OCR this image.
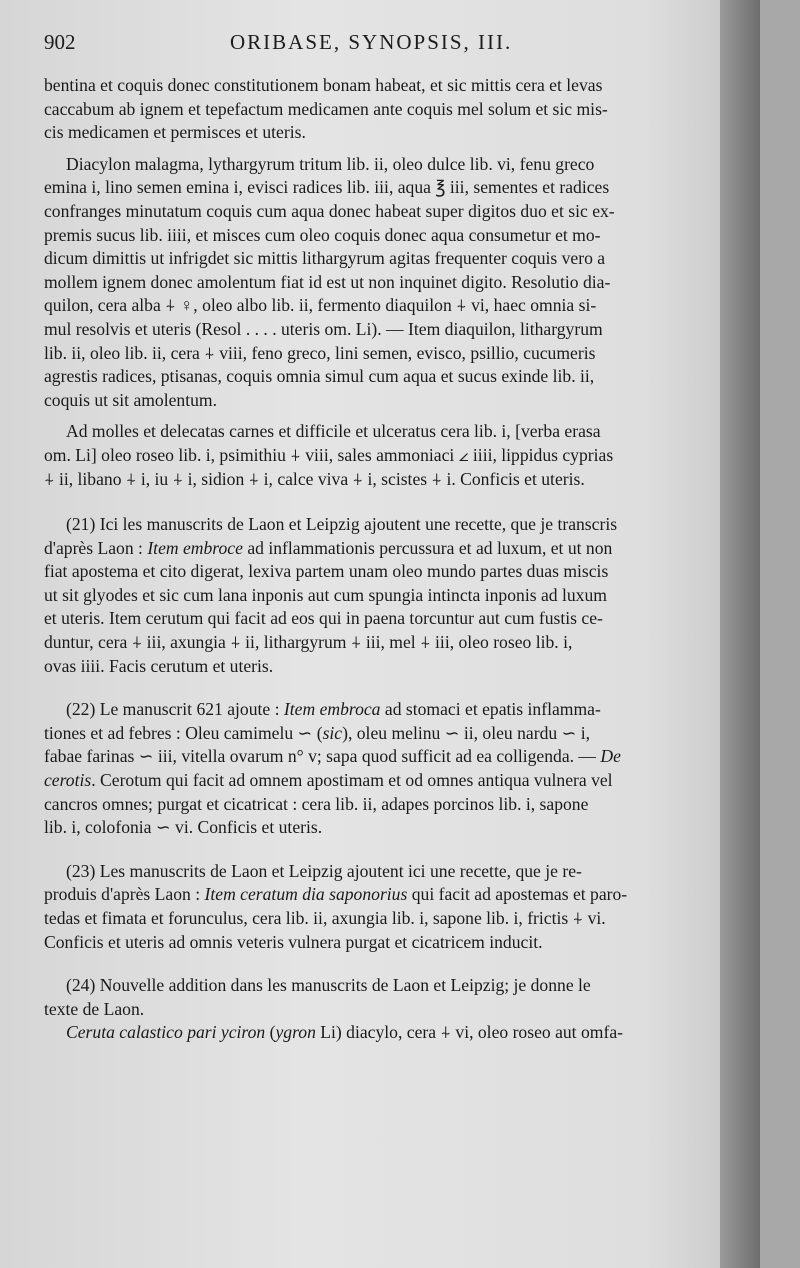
902	ORIBASE, SYNOPSIS, III.

bentina et coquis donec constitutionem bonam habeat, et sic mittis cera et levas
caccabum ab ignem et tepefactum medicamen ante coquis mel solum et sic mis-
cis medicamen et permisces et uteris.

Diacylon malagma, lythargyrum tritum lib. ii, oleo dulce lib. vi, fenu greco
emina i, lino semen emina i, evisci radices lib. iii, aqua ℥ iii, sementes et radices
confranges minutatum coquis cum aqua donec habeat super digitos duo et sic ex-
premis sucus lib. iiii, et misces cum oleo coquis donec aqua consumetur et mo-
dicum dimittis ut infrigdet sic mittis lithargyrum agitas frequenter coquis vero a
mollem ignem donec amolentum fiat id est ut non inquinet digito. Resolutio dia-
quilon, cera alba ⍭ ♀, oleo albo lib. ii, fermento diaquilon ⍭ vi, haec omnia si-
mul resolvis et uteris (Resol . . . . uteris om. Li). — Item diaquilon, lithargyrum
lib. ii, oleo lib. ii, cera ⍭ viii, feno greco, lini semen, evisco, psillio, cucumeris
agrestis radices, ptisanas, coquis omnia simul cum aqua et sucus exinde lib. ii,
coquis ut sit amolentum.

Ad molles et delecatas carnes et difficile et ulceratus cera lib. i, [verba erasa
om. Li] oleo roseo lib. i, psimithiu ⍭ viii, sales ammoniaci ∠ iiii, lippidus cyprias
⍭ ii, libano ⍭ i, iu ⍭ i, sidion ⍭ i, calce viva ⍭ i, scistes ⍭ i. Conficis et uteris.

(21) Ici les manuscrits de Laon et Leipzig ajoutent une recette, que je transcris
d'après Laon : Item embroce ad inflammationis percussura et ad luxum, et ut non
fiat apostema et cito digerat, lexiva partem unam oleo mundo partes duas miscis
ut sit glyodes et sic cum lana inponis aut cum spungia intincta inponis ad luxum
et uteris. Item cerutum qui facit ad eos qui in paena torcuntur aut cum fustis ce-
duntur, cera ⍭ iii, axungia ⍭ ii, lithargyrum ⍭ iii, mel ⍭ iii, oleo roseo lib. i,
ovas iiii. Facis cerutum et uteris.

(22) Le manuscrit 621 ajoute : Item embroca ad stomaci et epatis inflamma-
tiones et ad febres : Oleu camimelu ∽ (sic), oleu melinu ∽ ii, oleu nardu ∽ i,
fabae farinas ∽ iii, vitella ovarum n° v; sapa quod sufficit ad ea colligenda. — De
cerotis. Cerotum qui facit ad omnem apostimam et od omnes antiqua vulnera vel
cancros omnes; purgat et cicatricat : cera lib. ii, adapes porcinos lib. i, sapone
lib. i, colofonia ∽ vi. Conficis et uteris.

(23) Les manuscrits de Laon et Leipzig ajoutent ici une recette, que je re-
produis d'après Laon : Item ceratum dia saponorius qui facit ad apostemas et paro-
tedas et fimata et forunculus, cera lib. ii, axungia lib. i, sapone lib. i, frictis ⍭ vi.
Conficis et uteris ad omnis veteris vulnera purgat et cicatricem inducit.

(24) Nouvelle addition dans les manuscrits de Laon et Leipzig; je donne le
texte de Laon.
Ceruta calastico pari yciron (ygron Li) diacylo, cera ⍭ vi, oleo roseo aut omfa-
